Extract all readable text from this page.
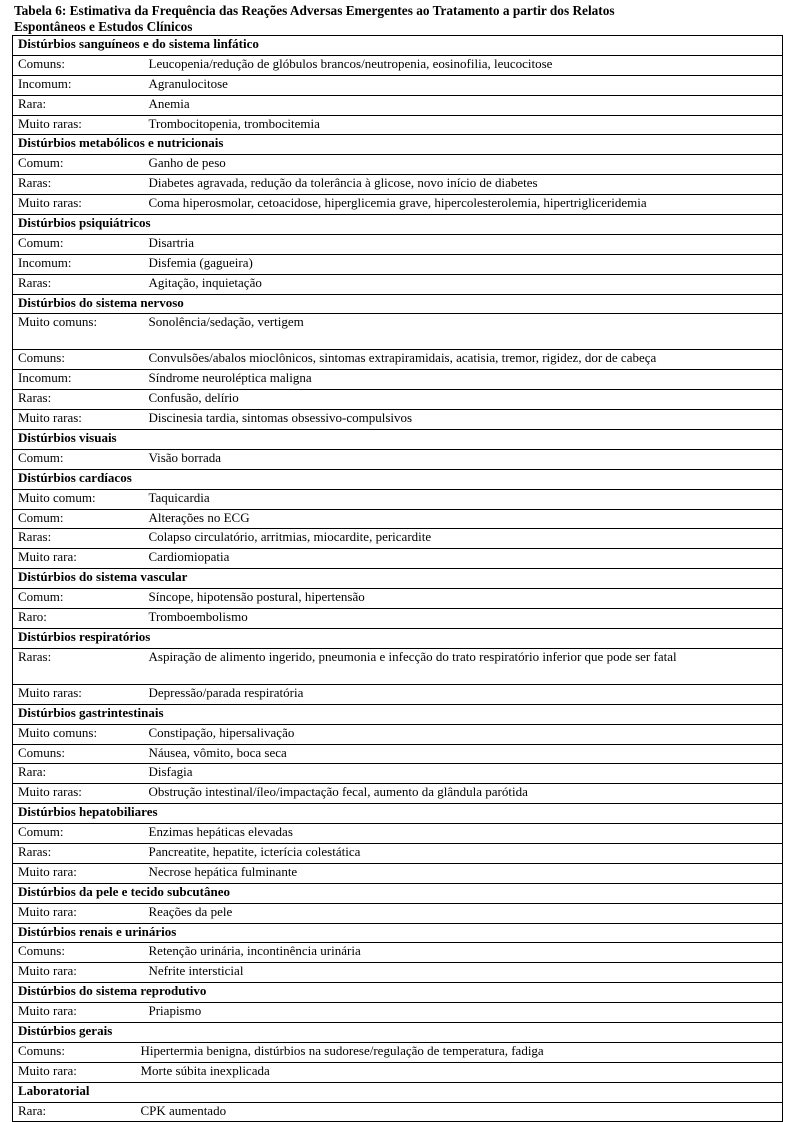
Tabela 6: Estimativa da Frequência das Reações Adversas Emergentes ao Tratamento a partir dos Relatos
Espontâneos e Estudos Clínicos
Distúrbios sanguíneos e do sistema linfático	
Comuns:	Leucopenia/redução de glóbulos brancos/neutropenia, eosinofilia, leucocitose
Incomum:	Agranulocitose
Rara:	Anemia
Muito raras:	Trombocitopenia, trombocitemia
Distúrbios metabólicos e nutricionais	
Comum:	Ganho de peso
Raras:	Diabetes agravada, redução da tolerância à glicose, novo início de diabetes
Muito raras:	Coma hiperosmolar, cetoacidose, hiperglicemia grave, hipercolesterolemia, hipertrigliceridemia
Distúrbios psiquiátricos	
Comum:	Disartria
Incomum:	Disfemia (gagueira)
Raras:	Agitação, inquietação
Distúrbios do sistema nervoso	
Muito comuns:	Sonolência/sedação, vertigem
Comuns:	Convulsões/abalos mioclônicos, sintomas extrapiramidais, acatisia, tremor, rigidez, dor de cabeça
Incomum:	Síndrome neuroléptica maligna
Raras:	Confusão, delírio
Muito raras:	Discinesia tardia, sintomas obsessivo-compulsivos
Distúrbios visuais	
Comum:	Visão borrada
Distúrbios cardíacos	
Muito comum:	Taquicardia
Comum:	Alterações no ECG
Raras:	Colapso circulatório, arritmias, miocardite, pericardite
Muito rara:	Cardiomiopatia
Distúrbios do sistema vascular	
Comum:	Síncope, hipotensão postural, hipertensão
Raro:	Tromboembolismo
Distúrbios respiratórios	
Raras:	Aspiração de alimento ingerido, pneumonia e infecção do trato respiratório inferior que pode ser fatal
Muito raras:	Depressão/parada respiratória
Distúrbios gastrintestinais	
Muito comuns:	Constipação, hipersalivação
Comuns:	Náusea, vômito, boca seca
Rara:	Disfagia
Muito raras:	Obstrução intestinal/íleo/impactação fecal, aumento da glândula parótida
Distúrbios hepatobiliares	
Comum:	Enzimas hepáticas elevadas
Raras:	Pancreatite, hepatite, icterícia colestática
Muito rara:	Necrose hepática fulminante
Distúrbios da pele e tecido subcutâneo	
Muito rara:	Reações da pele
Distúrbios renais e urinários	
Comuns:	Retenção urinária, incontinência urinária
Muito rara:	Nefrite intersticial
Distúrbios do sistema reprodutivo	
Muito rara:	Priapismo
Distúrbios gerais	
Comuns:	Hipertermia benigna, distúrbios na sudorese/regulação de temperatura, fadiga
Muito rara:	Morte súbita inexplicada
Laboratorial	
Rara:	CPK aumentado
